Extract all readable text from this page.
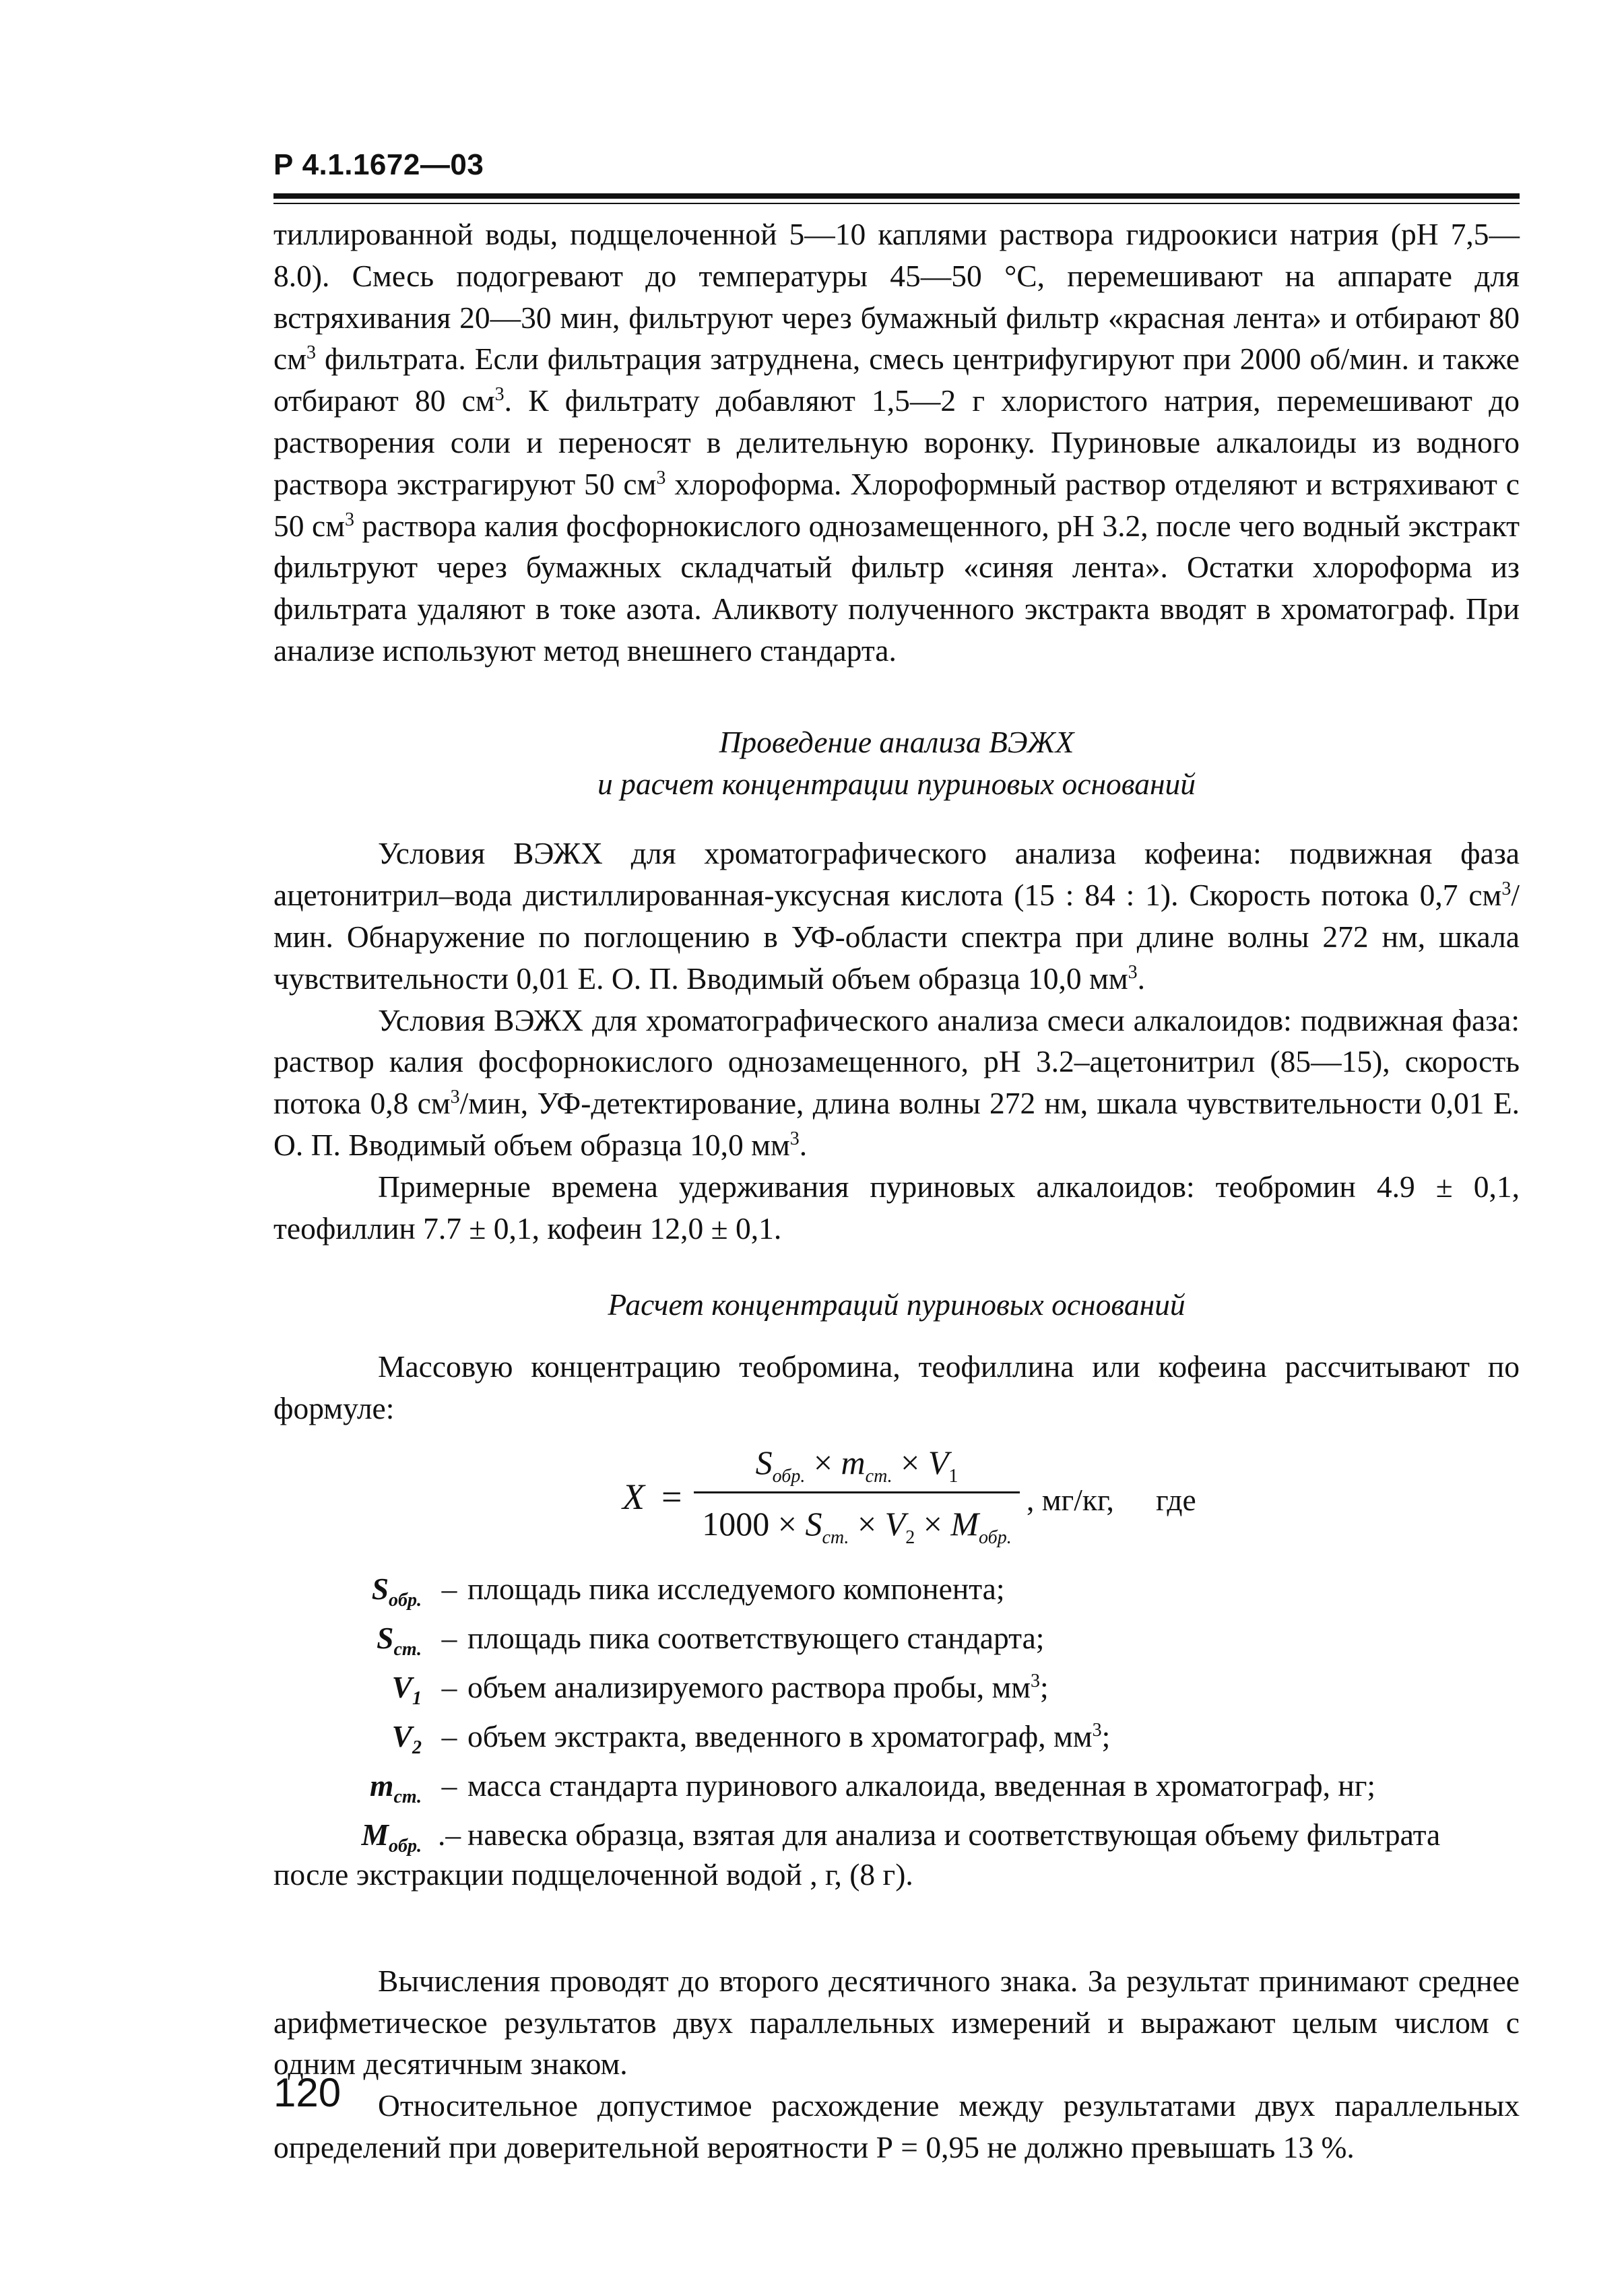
Р 4.1.1672—03

тиллированной воды, подщелоченной 5—10 каплями раствора гидроокиси натрия (рН 7,5—8.0). Смесь подогревают до температуры 45—50 °С, перемешивают на аппарате для встряхивания 20—30 мин, фильтруют через бумажный фильтр «красная лента» и отбирают 80 $см^3$ фильтрата. Если фильтрация затруднена, смесь центрифугируют при 2000 об/мин. и также отбирают 80 $см^3$. К фильтрату добавляют 1,5—2 г хлористого натрия, перемешивают до растворения соли и переносят в делительную воронку. Пуриновые алкалоиды из водного раствора экстрагируют 50 $см^3$ хлороформа. Хлороформный раствор отделяют и встряхивают с 50 $см^3$ раствора калия фосфорнокислого однозамещенного, рН 3.2, после чего водный экстракт фильтруют через бумажных складчатый фильтр «синяя лента». Остатки хлороформа из фильтрата удаляют в токе азота. Аликвоту полученного экстракта вводят в хроматограф. При анализе используют метод внешнего стандарта.

Проведение анализа ВЭЖХ

и расчет концентрации пуриновых оснований

Условия ВЭЖХ для хроматографического анализа кофеина: подвижная фаза ацетонитрил–вода дистиллированная-уксусная кислота (15 : 84 : 1). Скорость потока 0,7 $см^3$/мин. Обнаружение по поглощению в УФ-области спектра при длине волны 272 нм, шкала чувствительности 0,01 Е. О. П. Вводимый объем образца 10,0 $мм^3$.

Условия ВЭЖХ для хроматографического анализа смеси алкалоидов: подвижная фаза: раствор калия фосфорнокислого однозамещенного, рН 3.2–ацетонитрил (85—15), скорость потока 0,8 $см^3$/мин, УФ-детектирование, длина волны 272 нм, шкала чувствительности 0,01 Е. О. П. Вводимый объем образца 10,0 $мм^3$.

Примерные времена удерживания пуриновых алкалоидов: теобромин 4.9 ± 0,1, теофиллин 7.7 ± 0,1, кофеин 12,0 ± 0,1.

Расчет концентраций пуриновых оснований

Массовую концентрацию теобромина, теофиллина или кофеина рассчитывают по формуле:

X =
$S_{обр.} \times m_{ст.} \times V_1$
$1000 \times S_{ст.} \times V_2 \times M_{обр.}$
, мг/кг, где
$S_{обр.}$ – площадь пика исследуемого компонента;
$S_{ст.}$ – площадь пика соответствующего стандарта;
$V_1$ – объем анализируемого раствора пробы, $мм^3$;
$V_2$ – объем экстракта, введенного в хроматограф, $мм^3$;
$m_{ст.}$ – масса стандарта пуринового алкалоида, введенная в хроматограф, нг;
$M_{обр.}$ .– навеска образца, взятая для анализа и соответствующая объему фильтрата
после экстракции подщелоченной водой , г, (8 г).

Вычисления проводят до второго десятичного знака. За результат принимают среднее арифметическое результатов двух параллельных измерений и выражают целым числом с одним десятичным знаком.

Относительное допустимое расхождение между результатами двух параллельных определений при доверительной вероятности Р = 0,95 не должно превышать 13 %.

120
